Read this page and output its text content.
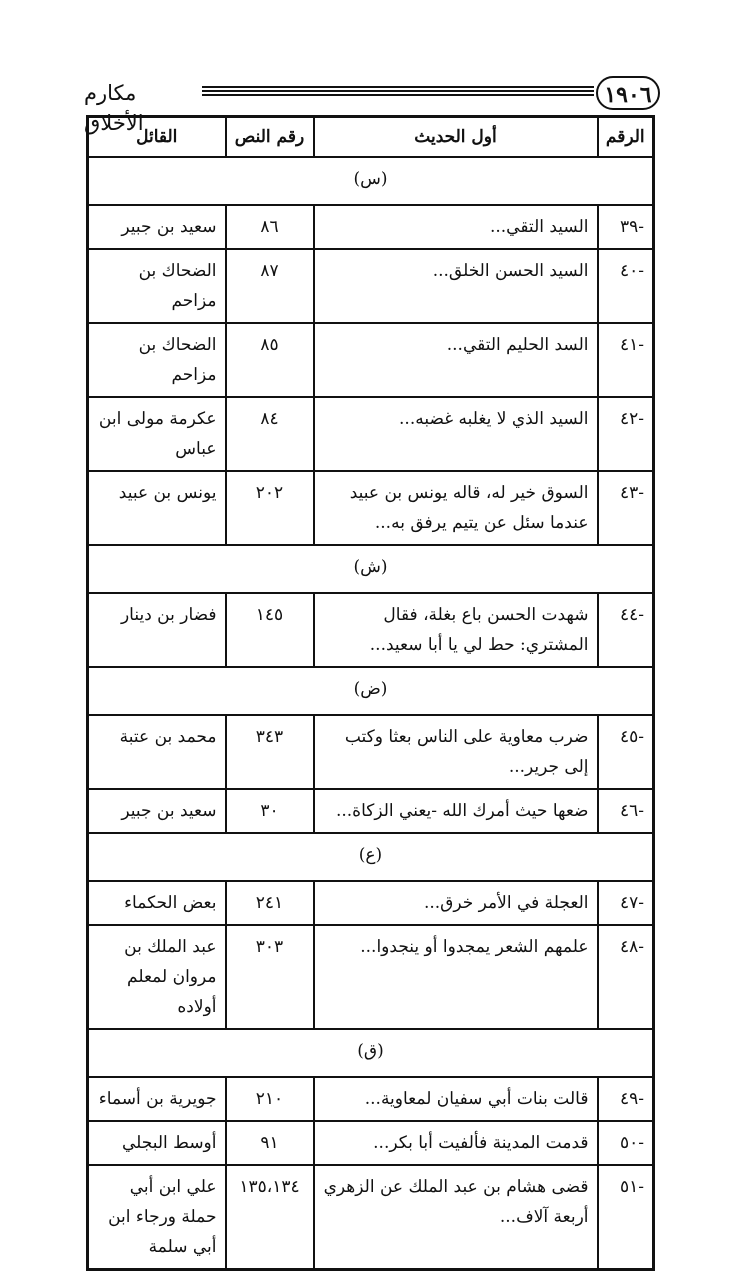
١٩٠٦
مكارم الأخلاق
الرقم	أول الحديث	رقم النص	القائل
(س)			
-٣٩	السيد التقي...	٨٦	سعيد بن جبير
-٤٠	السيد الحسن الخلق...	٨٧	الضحاك بن مزاحم
-٤١	السد الحليم التقي...	٨٥	الضحاك بن مزاحم
-٤٢	السيد الذي لا يغلبه غضبه...	٨٤	عكرمة مولى ابن عباس
-٤٣	السوق خير له، قاله يونس بن عبيد عندما سئل عن يتيم يرفق به...	٢٠٢	يونس بن عبيد
(ش)			
-٤٤	شهدت الحسن باع بغلة، فقال المشتري: حط لي يا أبا سعيد...	١٤٥	فضار بن دينار
(ض)			
-٤٥	ضرب معاوية على الناس بعثا وكتب إلى جرير...	٣٤٣	محمد بن عتبة
-٤٦	ضعها حيث أمرك الله -يعني الزكاة...	٣٠	سعيد بن جبير
(ع)			
-٤٧	العجلة في الأمر خرق...	٢٤١	بعض الحكماء
-٤٨	علمهم الشعر يمجدوا أو ينجدوا...	٣٠٣	عبد الملك بن مروان لمعلم أولاده
(ق)			
-٤٩	قالت بنات أبي سفيان لمعاوية...	٢١٠	جويرية بن أسماء
-٥٠	قدمت المدينة فألفيت أبا بكر...	٩١	أوسط البجلي
-٥١	قضى هشام بن عبد الملك عن الزهري أربعة آلاف...	١٣٥،١٣٤	علي ابن أبي حملة ورجاء ابن أبي سلمة
